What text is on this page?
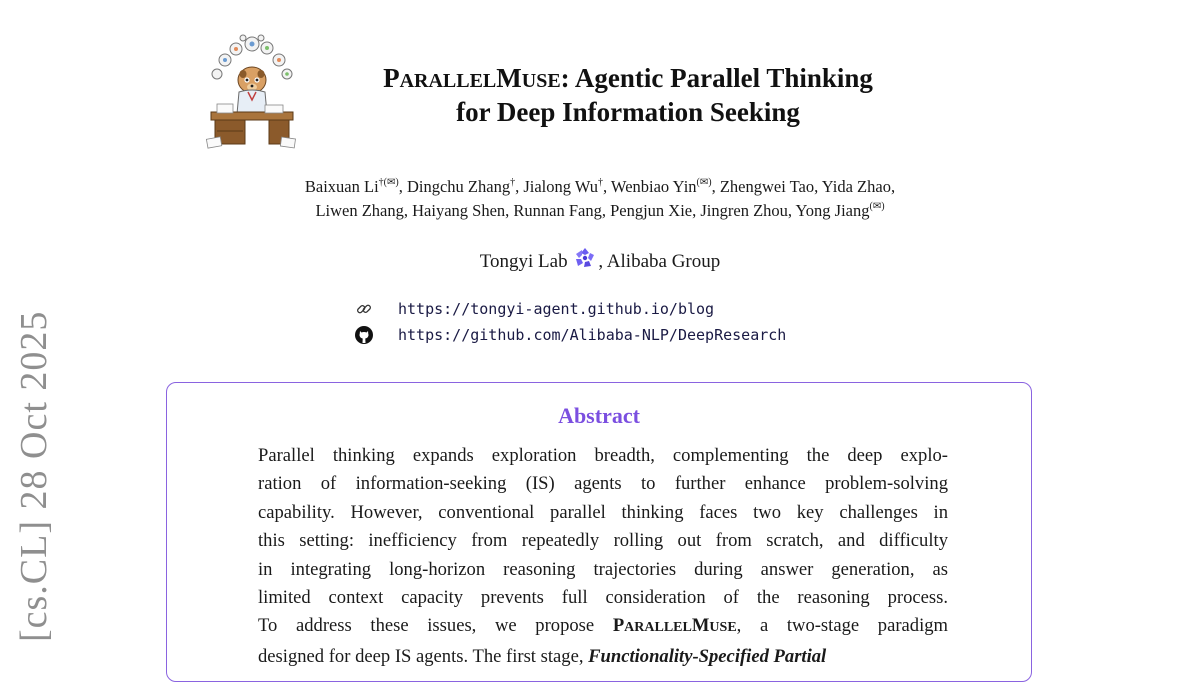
[cs.CL] 28 Oct 2025
PARALLELMUSE: Agentic Parallel Thinking
for Deep Information Seeking
Baixuan Li†(✉), Dingchu Zhang†, Jialong Wu†, Wenbiao Yin(✉), Zhengwei Tao, Yida Zhao,
Liwen Zhang, Haiyang Shen, Runnan Fang, Pengjun Xie, Jingren Zhou, Yong Jiang(✉)
Tongyi Lab , Alibaba Group
https://tongyi-agent.github.io/blog
https://github.com/Alibaba-NLP/DeepResearch
Abstract
Parallel thinking expands exploration breadth, complementing the deep explo-
ration of information-seeking (IS) agents to further enhance problem-solving
capability. However, conventional parallel thinking faces two key challenges in
this setting: inefficiency from repeatedly rolling out from scratch, and difficulty
in integrating long-horizon reasoning trajectories during answer generation, as
limited context capacity prevents full consideration of the reasoning process.
To address these issues, we propose PARALLELMUSE, a two-stage paradigm
designed for deep IS agents. The first stage, Functionality-Specified Partial
